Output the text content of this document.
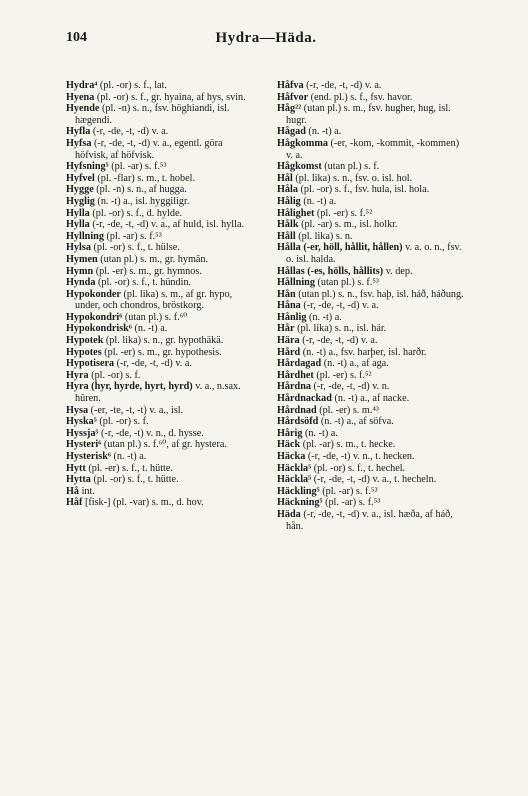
104	Hydra—Häda.

Hydra⁴ (pl. -or) s. f., lat.

Hyena (pl. -or) s. f., gr. hyaina, af hys, svin.

Hyende (pl. -n) s. n., fsv. höghiandi, isl. hægendi.

Hyfla (-r, -de, -t, -d) v. a.

Hyfsa (-r, -de, -t, -d) v. a., egentl. göra höfvisk, af höfvisk.

Hyfsning⁵ (pl. -ar) s. f.⁵³

Hyfvel (pl. -flar) s. m., t. hobel.

Hygge (pl. -n) s. n., af hugga.

Hyglig (n. -t) a., isl. hyggiligr.

Hylla (pl. -or) s. f., d. hylde.

Hylla (-r, -de, -t, -d) v. a., af huld, isl. hylla.

Hyllning (pl. -ar) s. f.⁵³

Hylsa (pl. -or) s. f., t. hülse.

Hymen (utan pl.) s. m., gr. hymän.

Hymn (pl. -er) s. m., gr. hymnos.

Hynda (pl. -or) s. f., t. hündin.

Hypokonder (pl. lika) s. m., af gr. hypo, under, och chondros, bröstkorg.

Hypokondri⁶ (utan pl.) s. f.⁶⁰

Hypokondrisk⁶ (n. -t) a.

Hypotek (pl. lika) s. n., gr. hypothäkä.

Hypotes (pl. -er) s. m., gr. hypothesis.

Hypotisera (-r, -de, -t, -d) v. a.

Hyra (pl. -or) s. f.

Hyra (hyr, hyrde, hyrt, hyrd) v. a., n.sax. hûren.

Hysa (-er, -te, -t, -t) v. a., isl.

Hyska⁵ (pl. -or) s. f.

Hyssja⁵ (-r, -de, -t) v. n., d. hysse.

Hysteri⁶ (utan pl.) s. f.⁶⁰, af gr. hystera.

Hysterisk⁶ (n. -t) a.

Hytt (pl. -er) s. f., t. hütte.

Hytta (pl. -or) s. f., t. hütte.

Hå int.

Håf [fisk-] (pl. -var) s. m., d. hov.

Håfva (-r, -de, -t, -d) v. a.

Håfvor (end. pl.) s. f., fsv. havor.

Håg²² (utan pl.) s. m., fsv. hugher, hug, isl. hugr.

Hågad (n. -t) a.

Hågkomma (-er, -kom, -kommit, -kommen) v. a.

Hågkomst (utan pl.) s. f.

Hål (pl. lika) s. n., fsv. o. isl. hol.

Håla (pl. -or) s. f., fsv. hula, isl. hola.

Hålig (n. -t) a.

Hålighet (pl. -er) s. f.⁵²

Hålk (pl. -ar) s. m., isl. holkr.

Håll (pl. lika) s. n.

Hålla (-er, höll, hållit, hållen) v. a. o. n., fsv. o. isl. halda.

Hållas (-es, hölls, hållits) v. dep.

Hållning (utan pl.) s. f.⁵³

Hån (utan pl.) s. n., fsv. haþ, isl. háð, háðung.

Håna (-r, -de, -t, -d) v. a.

Hånlig (n. -t) a.

Hår (pl. lika) s. n., isl. hár.

Hära (-r, -de, -t, -d) v. a.

Hård (n. -t) a., fsv. harþer, isl. harðr.

Hårdagad (n. -t) a., af aga.

Hårdhet (pl. -er) s. f.⁵²

Hårdna (-r, -de, -t, -d) v. n.

Hårdnackad (n. -t) a., af nacke.

Hårdnad (pl. -er) s. m.⁴³

Hårdsöfd (n. -t) a., af söfva.

Hårig (n. -t) a.

Häck (pl. -ar) s. m., t. hecke.

Häcka (-r, -de, -t) v. n., t. hecken.

Häckla⁵ (pl. -or) s. f., t. hechel.

Häckla⁵ (-r, -de, -t, -d) v. a., t. hecheln.

Häckling⁵ (pl. -ar) s. f.⁵³

Häckning⁵ (pl. -ar) s. f.⁵³

Häda (-r, -de, -t, -d) v. a., isl. hæða, af háð, hån.
